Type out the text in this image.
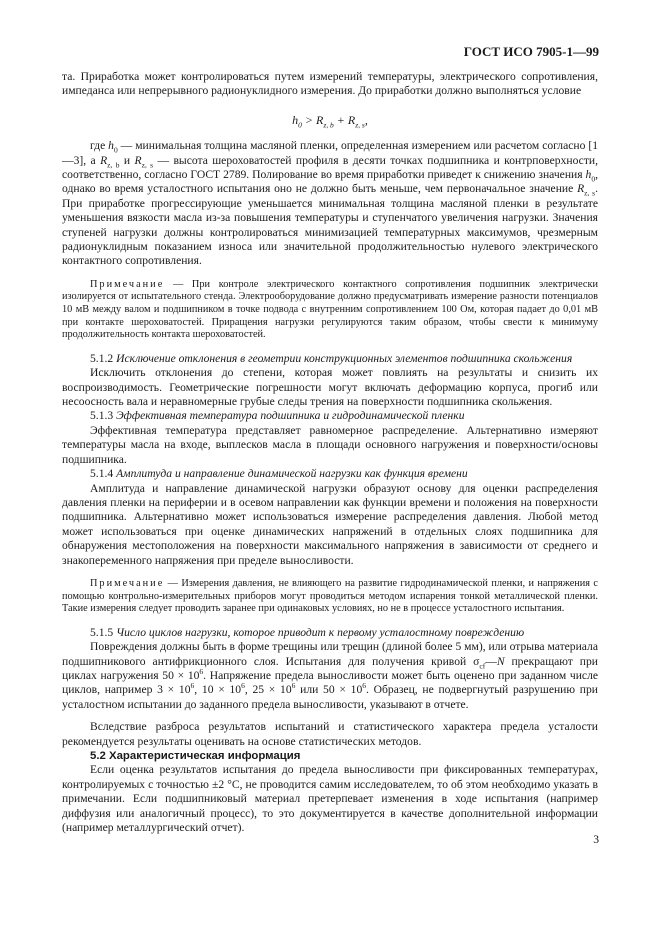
ГОСТ ИСО 7905-1—99

та. Приработка может контролироваться путем измерений температуры, электрического сопротивления, импеданса или непрерывного радионуклидного измерения. До приработки должно выполняться условие

$h_0 > R_{z, b} + R_{z, s}$,

где $h_0$ — минимальная толщина масляной пленки, определенная измерением или расчетом согласно [1—3], а $R_{z, b}$ и $R_{z, s}$ — высота шероховатостей профиля в десяти точках подшипника и контрповерхности, соответственно, согласно ГОСТ 2789. Полирование во время приработки приведет к снижению значения $h_0$, однако во время усталостного испытания оно не должно быть меньше, чем первоначальное значение $R_{z, s}$. При приработке прогрессирующие уменьшается минимальная толщина масляной пленки в результате уменьшения вязкости масла из-за повышения температуры и ступенчатого увеличения нагрузки. Значения ступеней нагрузки должны контролироваться минимизацией температурных максимумов, чрезмерным радионуклидным показанием износа или значительной продолжительностью нулевого электрического контактного сопротивления.

Примечание — При контроле электрического контактного сопротивления подшипник электрически изолируется от испытательного стенда. Электрооборудование должно предусматривать измерение разности потенциалов 10 мВ между валом и подшипником в точке подвода с внутренним сопротивлением 100 Ом, которая падает до 0,01 мВ при контакте шероховатостей. Приращения нагрузки регулируются таким образом, чтобы свести к минимуму продолжительность контакта шероховатостей.

5.1.2 Исключение отклонения в геометрии конструкционных элементов подшипника скольжения

Исключить отклонения до степени, которая может повлиять на результаты и снизить их воспроизводимость. Геометрические погрешности могут включать деформацию корпуса, прогиб или несоосность вала и неравномерные грубые следы трения на поверхности подшипника скольжения.

5.1.3 Эффективная температура подшипника и гидродинамической пленки

Эффективная температура представляет равномерное распределение. Альтернативно измеряют температуры масла на входе, выплесков масла в площади основного нагружения и поверхности/основы подшипника.

5.1.4 Амплитуда и направление динамической нагрузки как функция времени

Амплитуда и направление динамической нагрузки образуют основу для оценки распределения давления пленки на периферии и в осевом направлении как функции времени и положения на поверхности подшипника. Альтернативно может использоваться измерение распределения давления. Любой метод может использоваться при оценке динамических напряжений в отдельных слоях подшипника для обнаружения местоположения на поверхности максимального напряжения в зависимости от среднего и знакопеременного напряжения при пределе выносливости.

Примечание — Измерения давления, не влияющего на развитие гидродинамической пленки, и напряжения с помощью контрольно-измерительных приборов могут проводиться методом испарения тонкой металлической пленки. Такие измерения следует проводить заранее при одинаковых условиях, но не в процессе усталостного испытания.

5.1.5 Число циклов нагрузки, которое приводит к первому усталостному повреждению

Повреждения должны быть в форме трещины или трещин (длиной более 5 мм), или отрыва материала подшипникового антифрикционного слоя. Испытания для получения кривой $\sigma_{cf}—N$ прекращают при циклах нагружения $50 \times 10^6$. Напряжение предела выносливости может быть оценено при заданном числе циклов, например $3 \times 10^6$, $10 \times 10^6$, $25 \times 10^6$ или $50 \times 10^6$. Образец, не подвергнутый разрушению при усталостном испытании до заданного предела выносливости, указывают в отчете.

Вследствие разброса результатов испытаний и статистического характера предела усталости рекомендуется результаты оценивать на основе статистических методов.

5.2 Характеристическая информация

Если оценка результатов испытания до предела выносливости при фиксированных температурах, контролируемых с точностью ±2 °С, не проводится самим исследователем, то об этом необходимо указать в примечании. Если подшипниковый материал претерпевает изменения в ходе испытания (например диффузия или аналогичный процесс), то это документируется в качестве дополнительной информации (например металлургический отчет).

3
